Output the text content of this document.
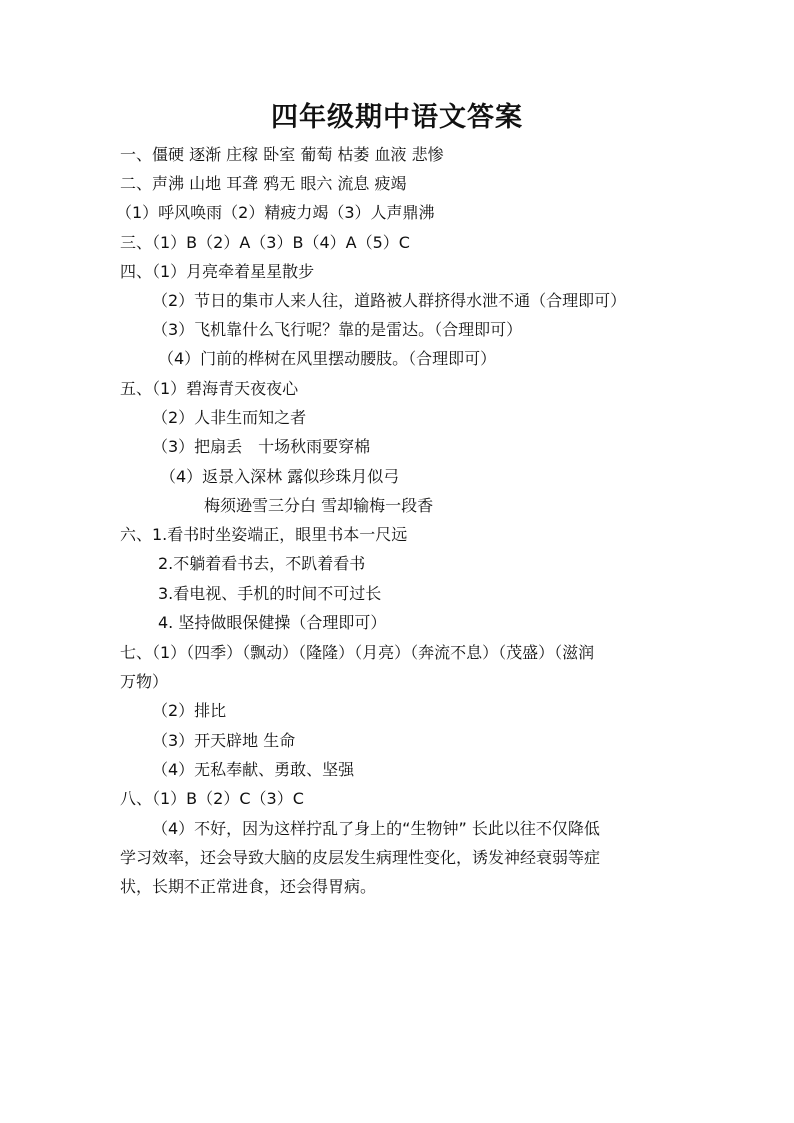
四年级期中语文答案
一、僵硬 逐渐 庄稼 卧室 葡萄 枯萎 血液 悲惨
二、声沸 山地 耳聋 鸦无 眼六 流息 疲竭
（1）呼风唤雨（2）精疲力竭（3）人声鼎沸
三、（1）B（2）A（3）B（4）A（5）C
四、（1）月亮牵着星星散步
（2）节日的集市人来人往，道路被人群挤得水泄不通（合理即可）
（3）飞机靠什么飞行呢？靠的是雷达。（合理即可）
（4）门前的桦树在风里摆动腰肢。（合理即可）
五、（1）碧海青天夜夜心
（2）人非生而知之者
（3）把扇丢　十场秋雨要穿棉
（4）返景入深林 露似珍珠月似弓
梅须逊雪三分白 雪却输梅一段香
六、1.看书时坐姿端正，眼里书本一尺远
2.不躺着看书去，不趴着看书
3.看电视、手机的时间不可过长
4. 坚持做眼保健操（合理即可）
七、（1）（四季）（飘动）（隆隆）（月亮）（奔流不息）（茂盛）（滋润
万物）
（2）排比
（3）开天辟地 生命
（4）无私奉献、勇敢、坚强
八、（1）B（2）C（3）C
（4）不好，因为这样拧乱了身上的“生物钟” 长此以往不仅降低
学习效率，还会导致大脑的皮层发生病理性变化，诱发神经衰弱等症
状，长期不正常进食，还会得胃病。
